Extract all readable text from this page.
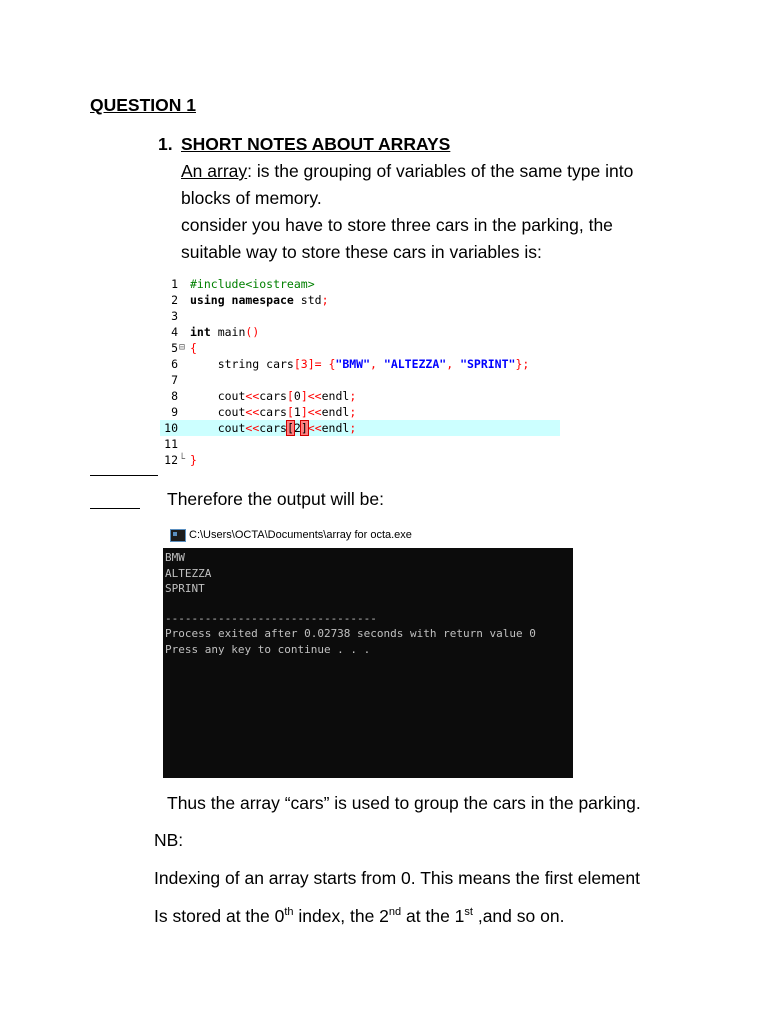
QUESTION 1
1. SHORT NOTES ABOUT ARRAYS
An array: is the grouping of variables of the same type into
blocks of memory.
consider you have to store three cars in the parking, the
suitable way to store these cars in variables is:
1 #include<iostream>
2 using namespace std;
3
4 int main()
5 ⊟ {
6 string cars[3]= {"BMW", "ALTEZZA", "SPRINT"};
7
8 cout<<cars[0]<<endl;
9 cout<<cars[1]<<endl;
10 cout<<cars[2]<<endl;
11
12 └ }
Therefore the output will be:
C:\Users\OCTA\Documents\array for octa.exe
BMW
ALTEZZA
SPRINT
--------------------------------
Process exited after 0.02738 seconds with return value 0
Press any key to continue . . .
Thus the array “cars” is used to group the cars in the parking.
NB:
Indexing of an array starts from 0. This means the first element
Is stored at the 0th index, the 2nd at the 1st ,and so on.
